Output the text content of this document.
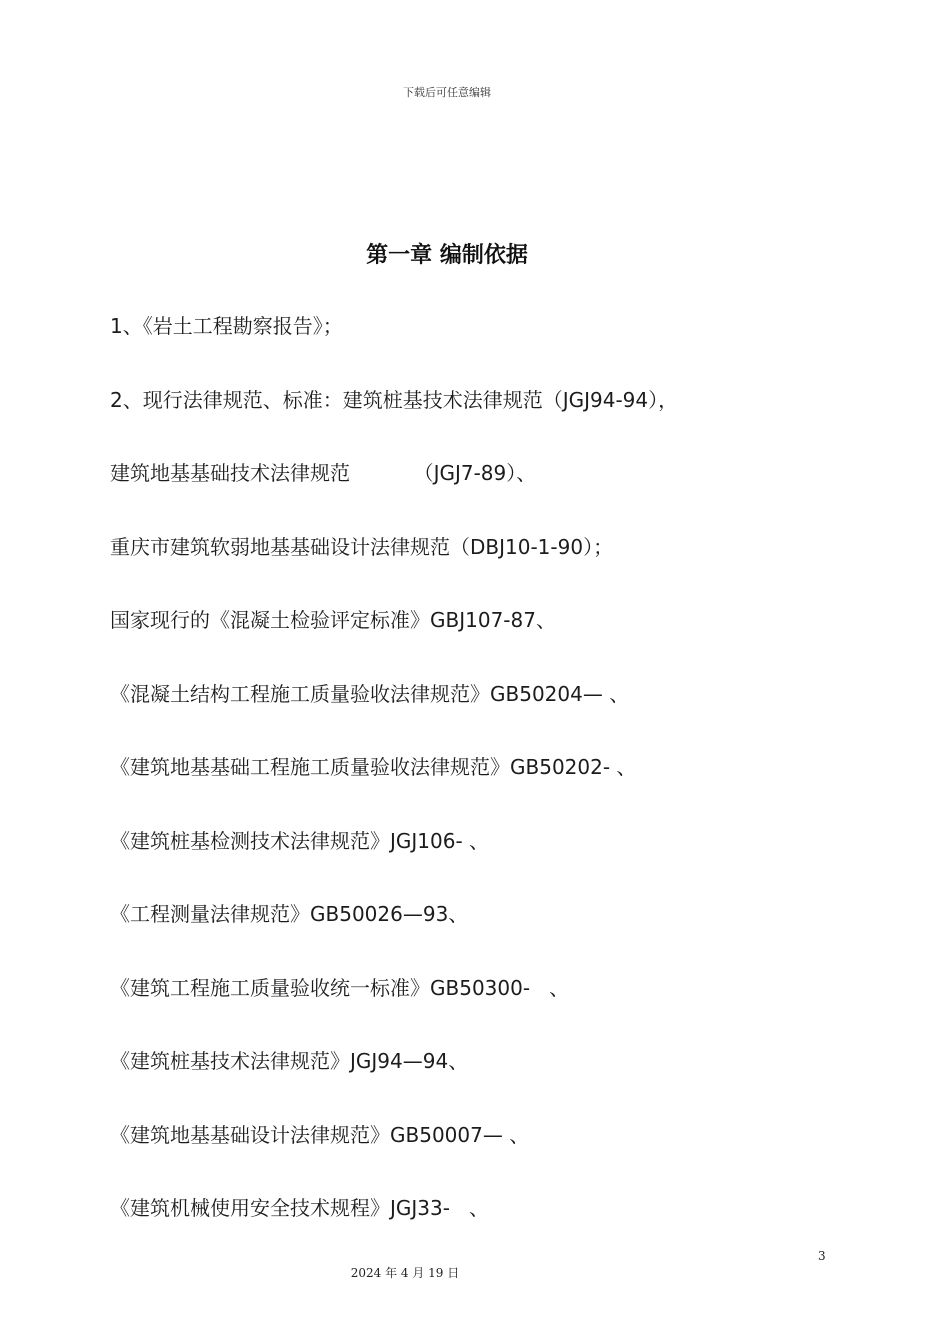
下载后可任意编辑
第一章 编制依据
1、《岩土工程勘察报告》；
2、现行法律规范、标准：建筑桩基技术法律规范（JGJ94-94），
建筑地基基础技术法律规范          （JGJ7-89）、
重庆市建筑软弱地基基础设计法律规范（DBJ10-1-90）；
国家现行的《混凝土检验评定标准》GBJ107-87、
《混凝土结构工程施工质量验收法律规范》GB50204— 、
《建筑地基基础工程施工质量验收法律规范》GB50202- 、
《建筑桩基检测技术法律规范》JGJ106- 、
《工程测量法律规范》GB50026—93、
《建筑工程施工质量验收统一标准》GB50300-   、
《建筑桩基技术法律规范》JGJ94—94、
《建筑地基基础设计法律规范》GB50007— 、
《建筑机械使用安全技术规程》JGJ33-   、
3
2024 年 4 月 19 日
